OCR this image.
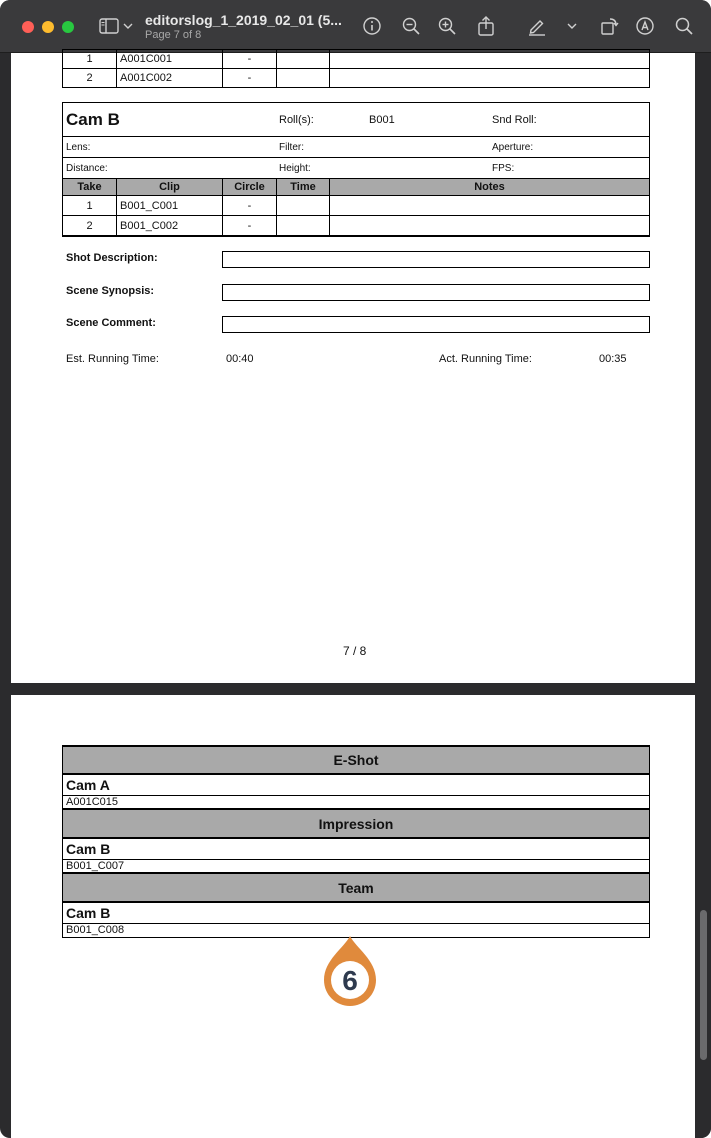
editorslog_1_2019_02_01 (5...
Page 7 of 8
1	A001C001	-		
2	A001C002	-		
Cam B	Roll(s):	B001	Snd Roll:
Lens:	Filter:	Aperture:
Distance:	Height:	FPS:
Take	Clip	Circle	Time	Notes
1	B001_C001	-		
2	B001_C002	-		
Shot Description:
Scene Synopsis:
Scene Comment:
Est. Running Time:	00:40	Act. Running Time:	00:35
7 / 8
E-Shot
Cam A
A001C015
Impression
Cam B
B001_C007
Team
Cam B
B001_C008
6
